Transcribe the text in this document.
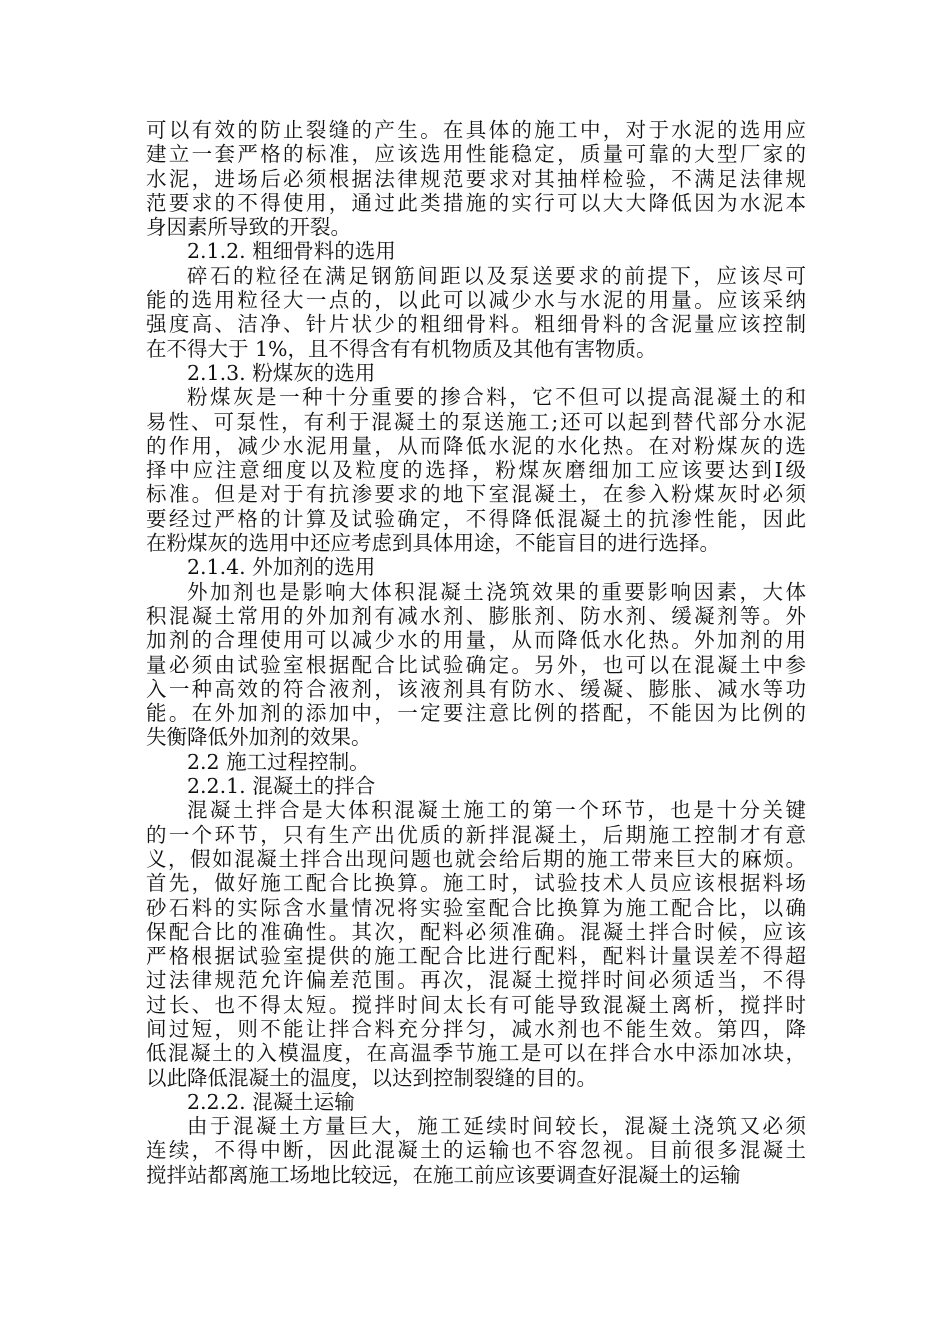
可以有效的防止裂缝的产生。在具体的施工中，对于水泥的选用应
建立一套严格的标准，应该选用性能稳定，质量可靠的大型厂家的
水泥，进场后必须根据法律规范要求对其抽样检验，不满足法律规
范要求的不得使用，通过此类措施的实行可以大大降低因为水泥本
身因素所导致的开裂。
2.1.2. 粗细骨料的选用
碎石的粒径在满足钢筋间距以及泵送要求的前提下，应该尽可
能的选用粒径大一点的，以此可以减少水与水泥的用量。应该采纳
强度高、洁净、针片状少的粗细骨料。粗细骨料的含泥量应该控制
在不得大于 1%，且不得含有有机物质及其他有害物质。
2.1.3. 粉煤灰的选用
粉煤灰是一种十分重要的掺合料，它不但可以提高混凝土的和
易性、可泵性，有利于混凝土的泵送施工;还可以起到替代部分水泥
的作用，减少水泥用量，从而降低水泥的水化热。在对粉煤灰的选
择中应注意细度以及粒度的选择，粉煤灰磨细加工应该要达到Ⅰ级
标准。但是对于有抗渗要求的地下室混凝土，在参入粉煤灰时必须
要经过严格的计算及试验确定，不得降低混凝土的抗渗性能，因此
在粉煤灰的选用中还应考虑到具体用途，不能盲目的进行选择。
2.1.4. 外加剂的选用
外加剂也是影响大体积混凝土浇筑效果的重要影响因素，大体
积混凝土常用的外加剂有减水剂、膨胀剂、防水剂、缓凝剂等。外
加剂的合理使用可以减少水的用量，从而降低水化热。外加剂的用
量必须由试验室根据配合比试验确定。另外，也可以在混凝土中参
入一种高效的符合液剂，该液剂具有防水、缓凝、膨胀、减水等功
能。在外加剂的添加中，一定要注意比例的搭配，不能因为比例的
失衡降低外加剂的效果。
2.2 施工过程控制。
2.2.1. 混凝土的拌合
混凝土拌合是大体积混凝土施工的第一个环节，也是十分关键
的一个环节，只有生产出优质的新拌混凝土，后期施工控制才有意
义，假如混凝土拌合出现问题也就会给后期的施工带来巨大的麻烦。
首先，做好施工配合比换算。施工时，试验技术人员应该根据料场
砂石料的实际含水量情况将实验室配合比换算为施工配合比，以确
保配合比的准确性。其次，配料必须准确。混凝土拌合时候，应该
严格根据试验室提供的施工配合比进行配料，配料计量误差不得超
过法律规范允许偏差范围。再次，混凝土搅拌时间必须适当，不得
过长、也不得太短。搅拌时间太长有可能导致混凝土离析，搅拌时
间过短，则不能让拌合料充分拌匀，减水剂也不能生效。第四，降
低混凝土的入模温度，在高温季节施工是可以在拌合水中添加冰块，
以此降低混凝土的温度，以达到控制裂缝的目的。
2.2.2. 混凝土运输
由于混凝土方量巨大，施工延续时间较长，混凝土浇筑又必须
连续，不得中断，因此混凝土的运输也不容忽视。目前很多混凝土
搅拌站都离施工场地比较远，在施工前应该要调查好混凝土的运输
